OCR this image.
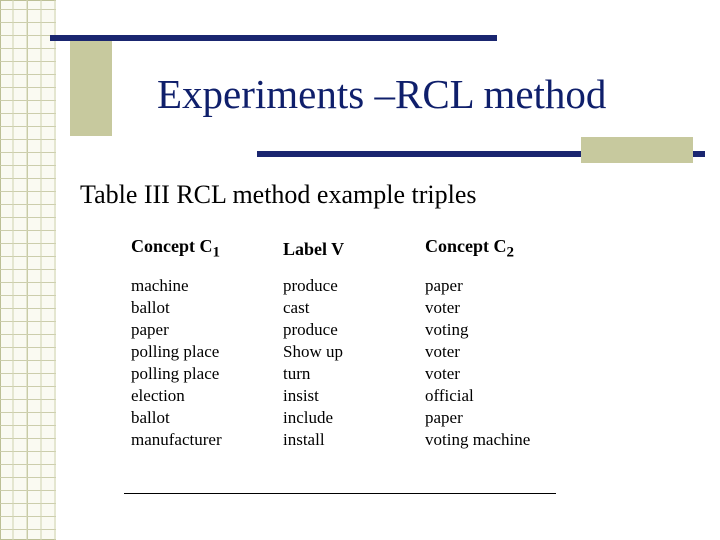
Experiments –RCL method
Table III RCL method example triples
Concept $C_1$	Label V	Concept $C_2$
machine	produce	paper
ballot	cast	voter
paper	produce	voting
polling place	Show up	voter
polling place	turn	voter
election	insist	official
ballot	include	paper
manufacturer	install	voting machine
